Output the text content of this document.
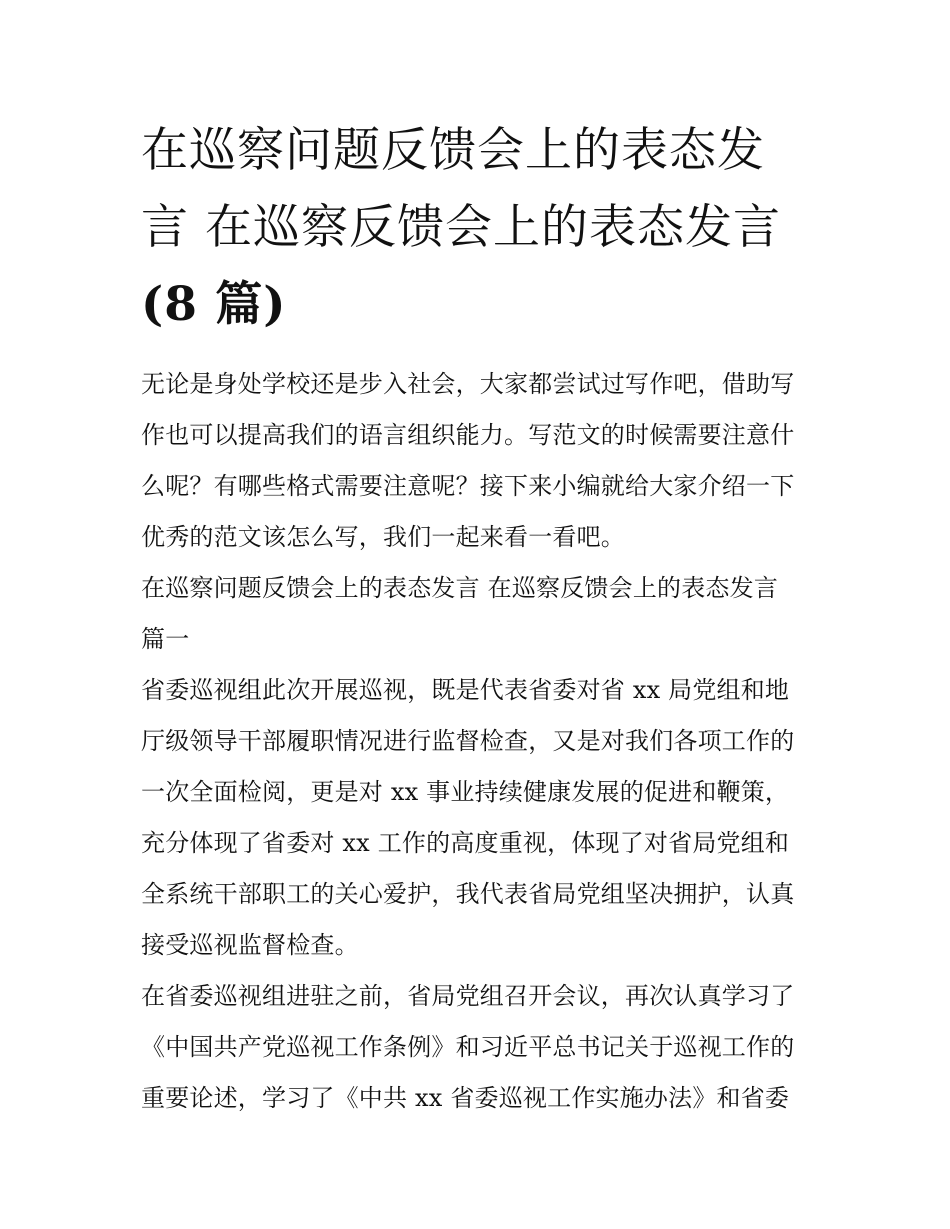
在巡察问题反馈会上的表态发
言 在巡察反馈会上的表态发言
(8 篇)

无论是身处学校还是步入社会，大家都尝试过写作吧，借助写
作也可以提高我们的语言组织能力。写范文的时候需要注意什
么呢？有哪些格式需要注意呢？接下来小编就给大家介绍一下
优秀的范文该怎么写，我们一起来看一看吧。

在巡察问题反馈会上的表态发言 在巡察反馈会上的表态发言
篇一

省委巡视组此次开展巡视，既是代表省委对省 xx 局党组和地
厅级领导干部履职情况进行监督检查，又是对我们各项工作的
一次全面检阅，更是对 xx 事业持续健康发展的促进和鞭策，
充分体现了省委对 xx 工作的高度重视，体现了对省局党组和
全系统干部职工的关心爱护，我代表省局党组坚决拥护，认真
接受巡视监督检查。

在省委巡视组进驻之前，省局党组召开会议，再次认真学习了
《中国共产党巡视工作条例》和习近平总书记关于巡视工作的
重要论述，学习了《中共 xx 省委巡视工作实施办法》和省委
